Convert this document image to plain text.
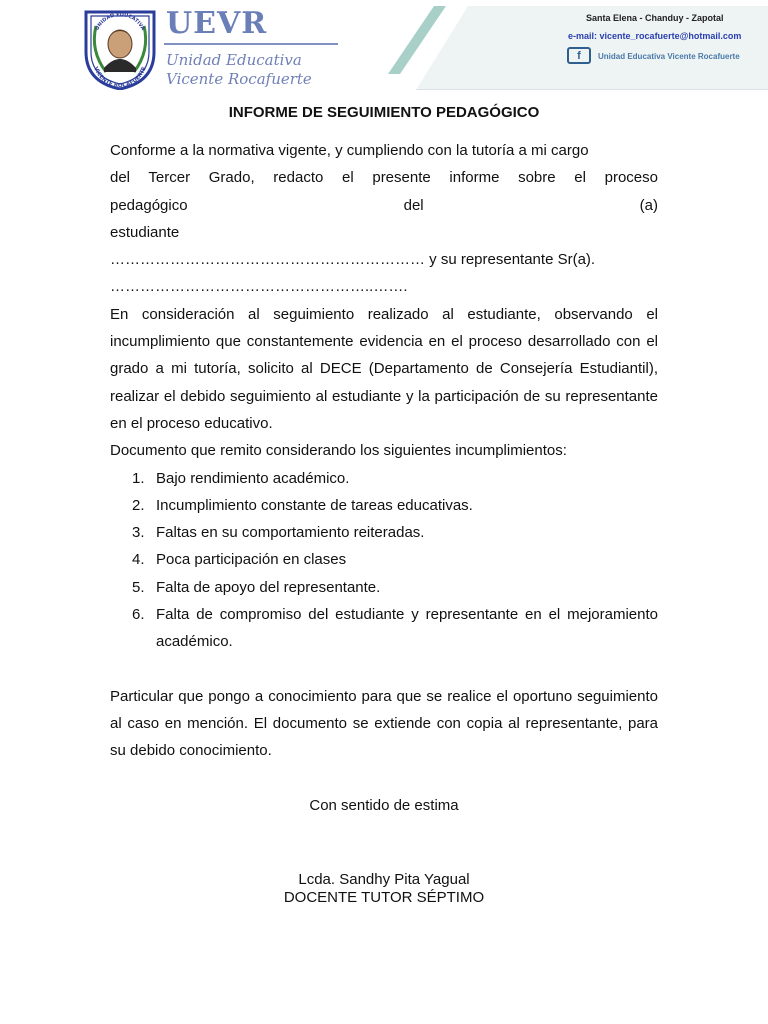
UNIDAD EDUCATIVA
VICENTE ROCAFUERTE
UEVR
Unidad Educativa
Vicente Rocafuerte
Santa Elena - Chanduy - Zapotal
e-mail: vicente_rocafuerte@hotmail.com
f Unidad Educativa Vicente Rocafuerte
INFORME DE SEGUIMIENTO PEDAGÓGICO

Conforme a la normativa vigente, y cumpliendo con la tutoría a mi cargo

del Tercer Grado, redacto el presente informe sobre el proceso

pedagógico del (a) estudiante

……………………………………………………… y su representante Sr(a).

……………………………………………..…….

En consideración al seguimiento realizado al estudiante, observando el incumplimiento que constantemente evidencia en el proceso desarrollado con el grado a mi tutoría, solicito al DECE (Departamento de Consejería Estudiantil), realizar el debido seguimiento al estudiante y la participación de su representante en el proceso educativo.

Documento que remito considerando los siguientes incumplimientos:

1. Bajo rendimiento académico.
2. Incumplimiento constante de tareas educativas.
3. Faltas en su comportamiento reiteradas.
4. Poca participación en clases
5. Falta de apoyo del representante.
6. Falta de compromiso del estudiante y representante en el mejoramiento académico.

Particular que pongo a conocimiento para que se realice el oportuno seguimiento al caso en mención. El documento se extiende con copia al representante, para su debido conocimiento.

Con sentido de estima
Lcda. Sandhy Pita Yagual
DOCENTE TUTOR SÉPTIMO
